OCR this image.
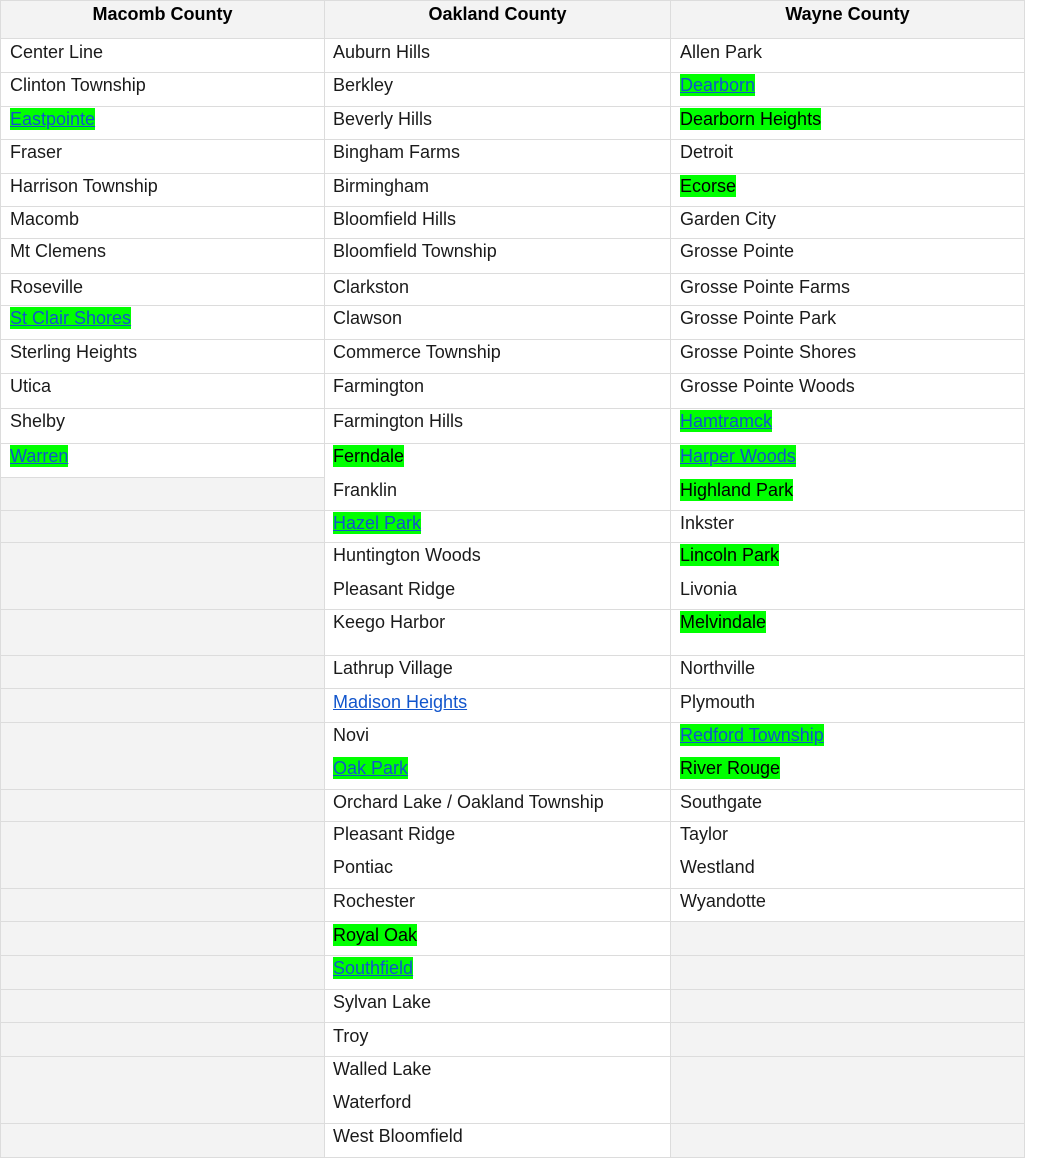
Macomb County	Oakland County	Wayne County
Center Line
Clinton Township
Eastpointe
Fraser
Harrison Township
Macomb
Mt Clemens
Roseville
St Clair Shores
Sterling Heights
Utica
Shelby
Warren
Auburn Hills
Berkley
Beverly Hills
Bingham Farms
Birmingham
Bloomfield Hills
Bloomfield Township
Clarkston
Clawson
Commerce Township
Farmington
Farmington Hills
Ferndale
Franklin
Hazel Park
Huntington Woods
Pleasant Ridge
Keego Harbor
Lathrup Village
Madison Heights
Novi
Oak Park
Orchard Lake / Oakland Township
Pleasant Ridge
Pontiac
Rochester
Royal Oak
Southfield
Sylvan Lake
Troy
Walled Lake
Waterford
West Bloomfield
Allen Park
Dearborn
Dearborn Heights
Detroit
Ecorse
Garden City
Grosse Pointe
Grosse Pointe Farms
Grosse Pointe Park
Grosse Pointe Shores
Grosse Pointe Woods
Hamtramck
Harper Woods
Highland Park
Inkster
Lincoln Park
Livonia
Melvindale
Northville
Plymouth
Redford Township
River Rouge
Southgate
Taylor
Westland
Wyandotte
